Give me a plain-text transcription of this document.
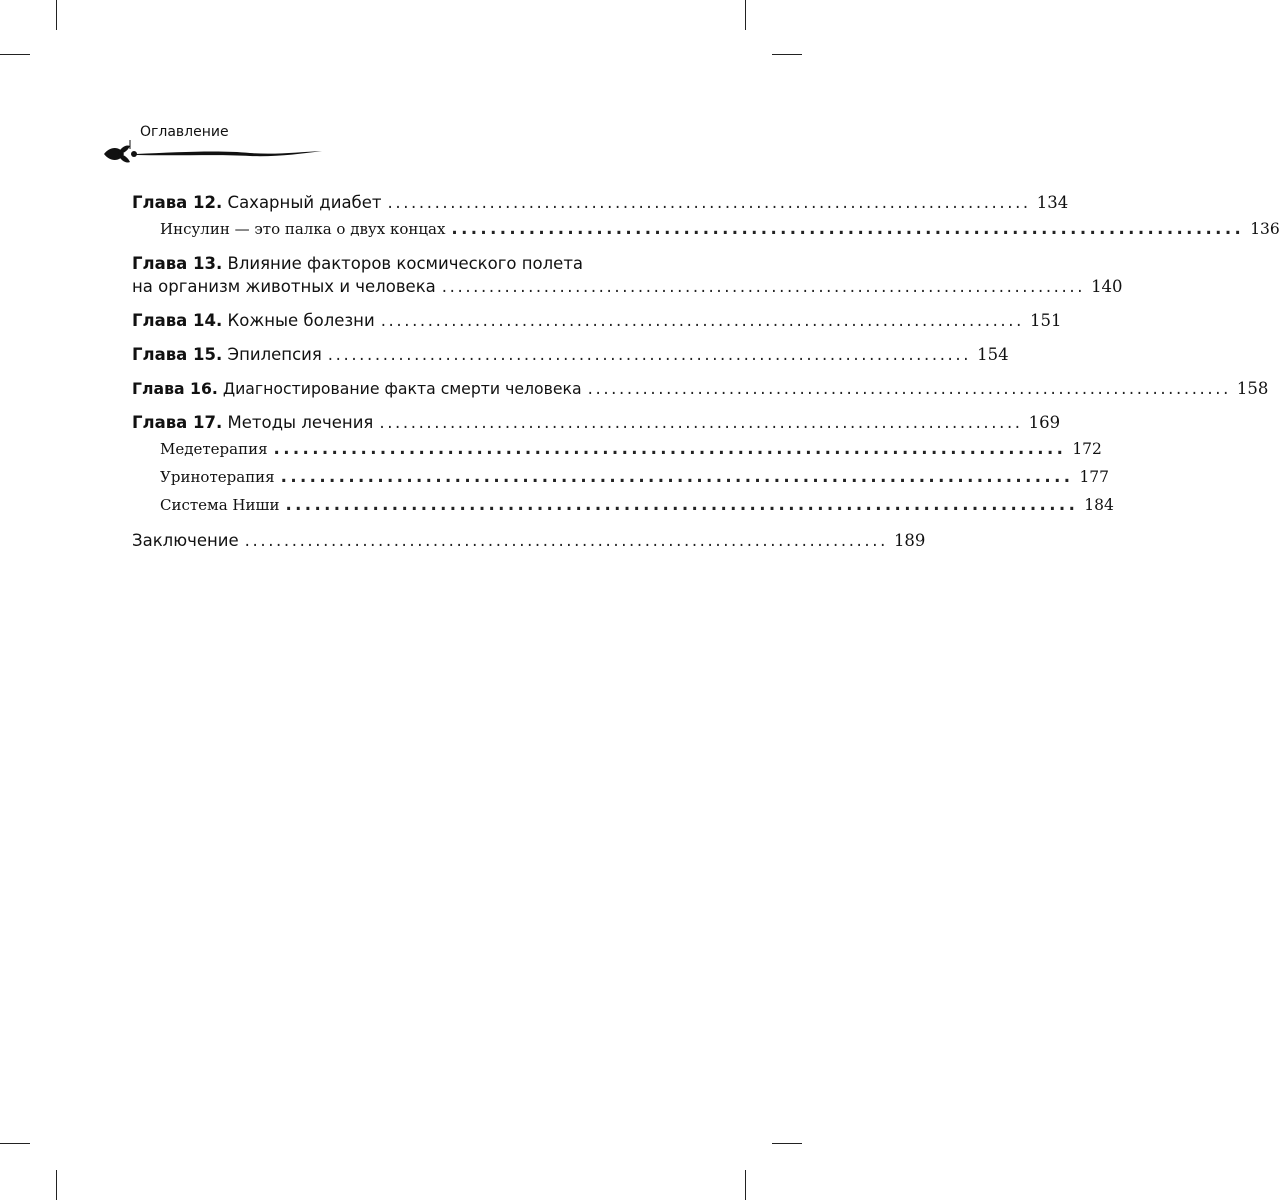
Оглавление
Глава 12. Сахарный диабет .................................................................................. 134
Инсулин — это палка о двух концах .................................................................................. 136
Глава 13. Влияние факторов космического полета
на организм животных и человека .................................................................................. 140
Глава 14. Кожные болезни .................................................................................. 151
Глава 15. Эпилепсия .................................................................................. 154
Глава 16. Диагностирование факта смерти человека .................................................................................. 158
Глава 17. Методы лечения .................................................................................. 169
Медетерапия .................................................................................. 172
Уринотерапия .................................................................................. 177
Система Ниши .................................................................................. 184
Заключение .................................................................................. 189
